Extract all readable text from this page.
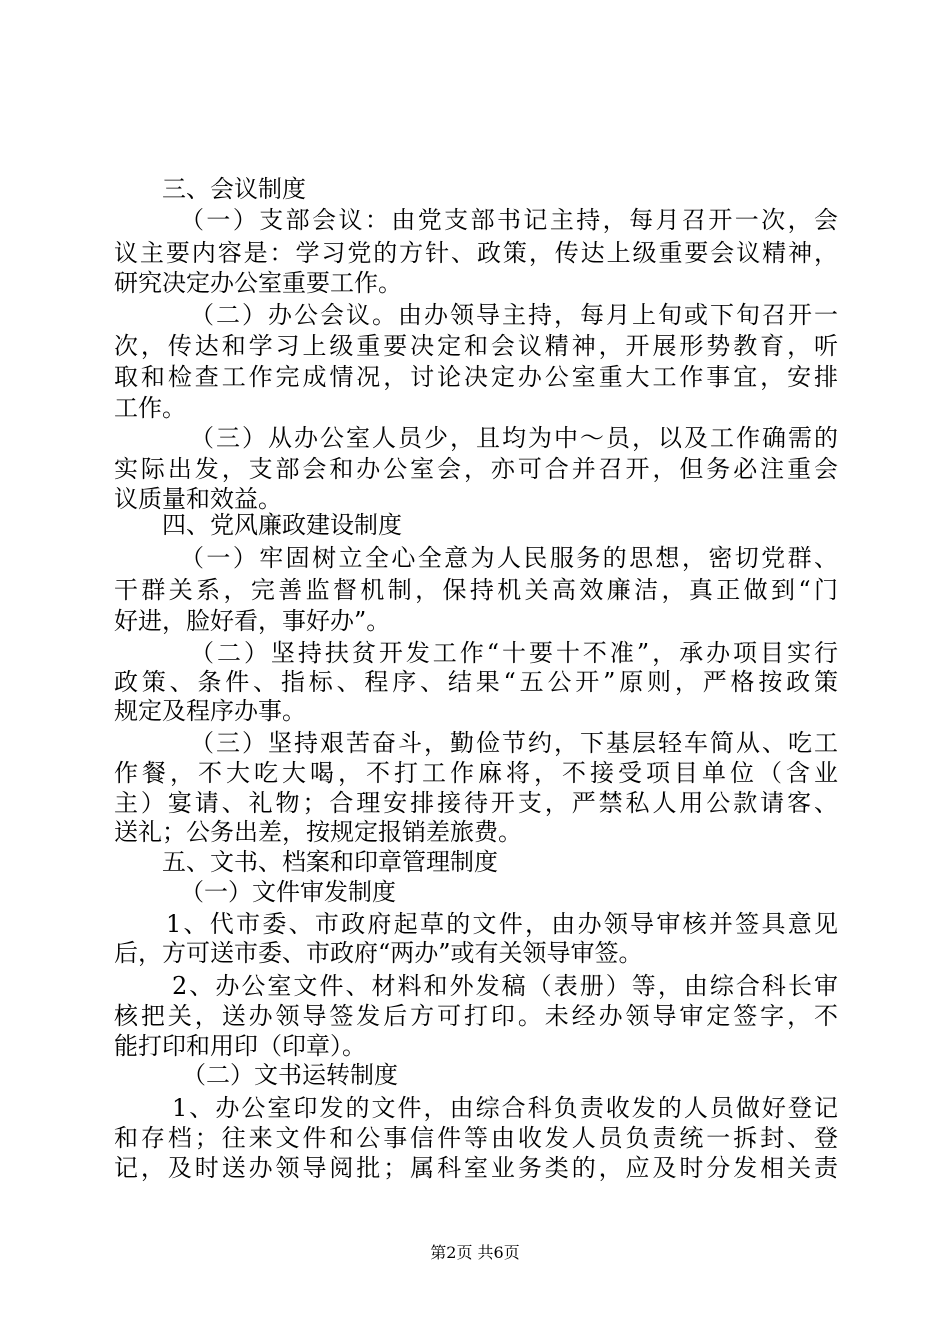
三、会议制度
（一）支部会议：由党支部书记主持，每月召开一次，会
议主要内容是：学习党的方针、政策，传达上级重要会议精神，
研究决定办公室重要工作。
（二）办公会议。由办领导主持，每月上旬或下旬召开一
次，传达和学习上级重要决定和会议精神，开展形势教育，听
取和检查工作完成情况，讨论决定办公室重大工作事宜，安排
工作。
（三）从办公室人员少，且均为中～员，以及工作确需的
实际出发，支部会和办公室会，亦可合并召开，但务必注重会
议质量和效益。
四、党风廉政建设制度
（一）牢固树立全心全意为人民服务的思想，密切党群、
干群关系，完善监督机制，保持机关高效廉洁，真正做到“门
好进，脸好看，事好办”。
（二）坚持扶贫开发工作“十要十不准”，承办项目实行
政策、条件、指标、程序、结果“五公开”原则，严格按政策
规定及程序办事。
（三）坚持艰苦奋斗，勤俭节约，下基层轻车简从、吃工
作餐，不大吃大喝，不打工作麻将，不接受项目单位（含业
主）宴请、礼物；合理安排接待开支，严禁私人用公款请客、
送礼；公务出差，按规定报销差旅费。
五、文书、档案和印章管理制度
（一）文件审发制度
1、代市委、市政府起草的文件，由办领导审核并签具意见
后，方可送市委、市政府“两办”或有关领导审签。
2、办公室文件、材料和外发稿（表册）等，由综合科长审
核把关，送办领导签发后方可打印。未经办领导审定签字，不
能打印和用印（印章）。
（二）文书运转制度
1、办公室印发的文件，由综合科负责收发的人员做好登记
和存档；往来文件和公事信件等由收发人员负责统一拆封、登
记，及时送办领导阅批；属科室业务类的，应及时分发相关责
第2页 共6页
